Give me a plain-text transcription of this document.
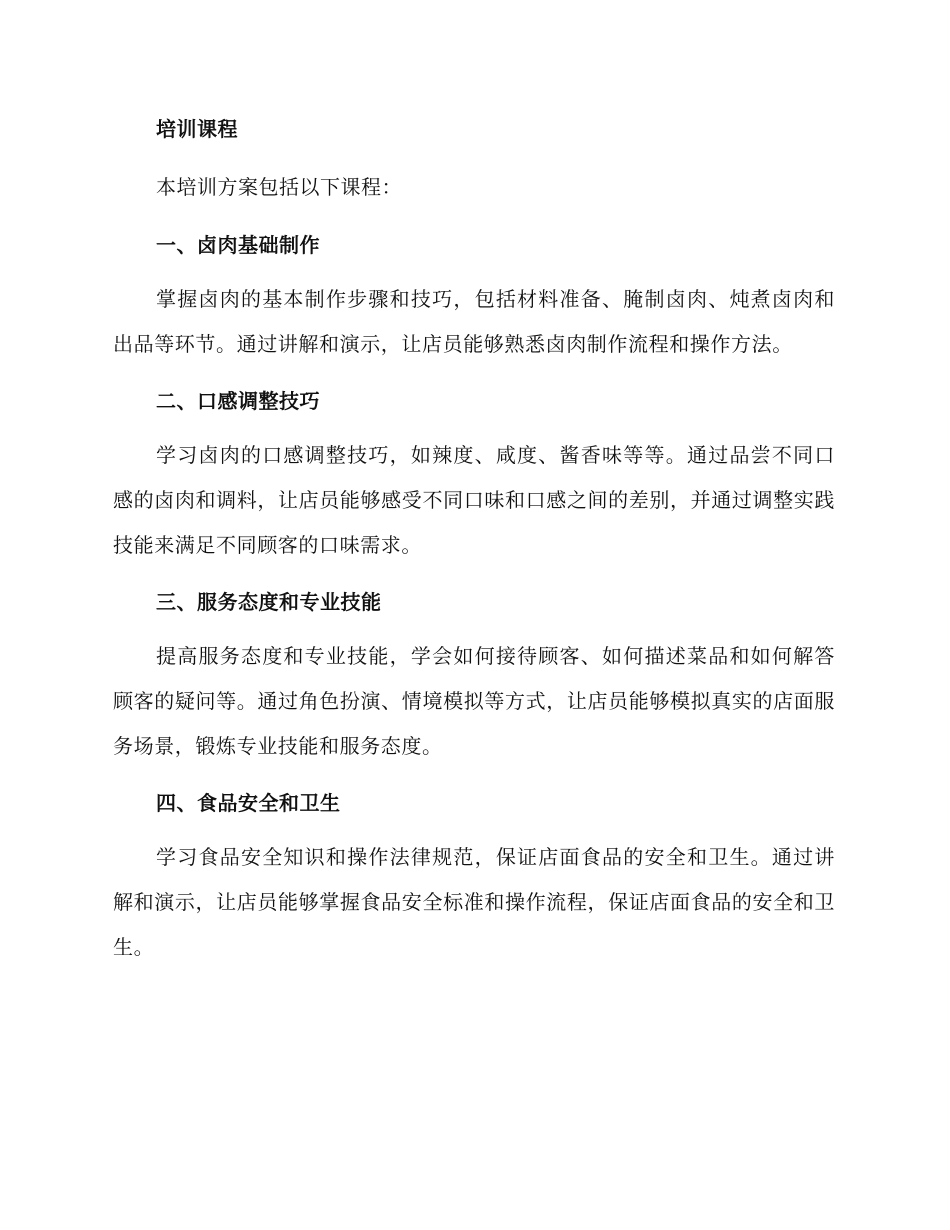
培训课程
本培训方案包括以下课程：
一、卤肉基础制作

掌握卤肉的基本制作步骤和技巧，包括材料准备、腌制卤肉、炖煮卤肉和出品等环节。通过讲解和演示，让店员能够熟悉卤肉制作流程和操作方法。

二、口感调整技巧

学习卤肉的口感调整技巧，如辣度、咸度、酱香味等等。通过品尝不同口感的卤肉和调料，让店员能够感受不同口味和口感之间的差别，并通过调整实践技能来满足不同顾客的口味需求。

三、服务态度和专业技能

提高服务态度和专业技能，学会如何接待顾客、如何描述菜品和如何解答顾客的疑问等。通过角色扮演、情境模拟等方式，让店员能够模拟真实的店面服务场景，锻炼专业技能和服务态度。

四、食品安全和卫生

学习食品安全知识和操作法律规范，保证店面食品的安全和卫生。通过讲解和演示，让店员能够掌握食品安全标准和操作流程，保证店面食品的安全和卫生。
